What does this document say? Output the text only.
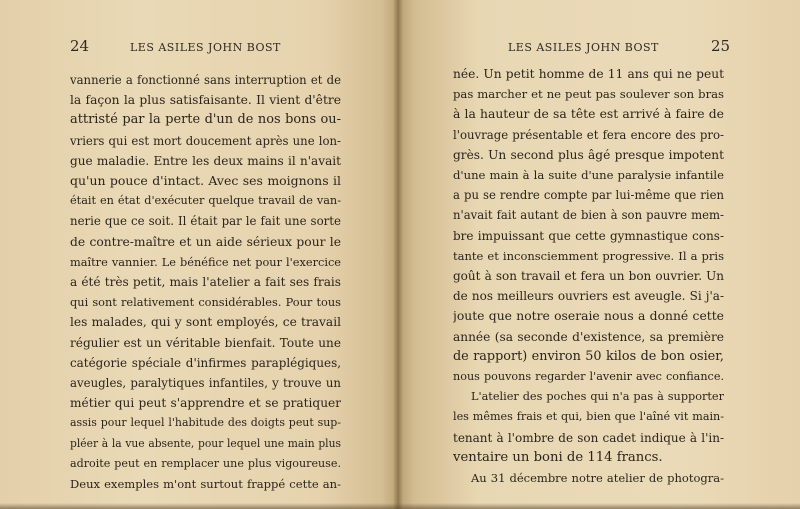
24	LES ASILES JOHN BOST
vannerie a fonctionné sans interruption et de
la façon la plus satisfaisante. Il vient d'être
attristé par la perte d'un de nos bons ou-
vriers qui est mort doucement après une lon-
gue maladie. Entre les deux mains il n'avait
qu'un pouce d'intact. Avec ses moignons il
était en état d'exécuter quelque travail de van-
nerie que ce soit. Il était par le fait une sorte
de contre-maître et un aide sérieux pour le
maître vannier. Le bénéfice net pour l'exercice
a été très petit, mais l'atelier a fait ses frais
qui sont relativement considérables. Pour tous
les malades, qui y sont employés, ce travail
régulier est un véritable bienfait. Toute une
catégorie spéciale d'infirmes paraplégiques,
aveugles, paralytiques infantiles, y trouve un
métier qui peut s'apprendre et se pratiquer
assis pour lequel l'habitude des doigts peut sup-
pléer à la vue absente, pour lequel une main plus
adroite peut en remplacer une plus vigoureuse.
Deux exemples m'ont surtout frappé cette an-
LES ASILES JOHN BOST	25
née. Un petit homme de 11 ans qui ne peut
pas marcher et ne peut pas soulever son bras
à la hauteur de sa tête est arrivé à faire de
l'ouvrage présentable et fera encore des pro-
grès. Un second plus âgé presque impotent
d'une main à la suite d'une paralysie infantile
a pu se rendre compte par lui-même que rien
n'avait fait autant de bien à son pauvre mem-
bre impuissant que cette gymnastique cons-
tante et inconsciemment progressive. Il a pris
goût à son travail et fera un bon ouvrier. Un
de nos meilleurs ouvriers est aveugle. Si j'a-
joute que notre oseraie nous a donné cette
année (sa seconde d'existence, sa première
de rapport) environ 50 kilos de bon osier,
nous pouvons regarder l'avenir avec confiance.
L'atelier des poches qui n'a pas à supporter
les mêmes frais et qui, bien que l'aîné vit main-
tenant à l'ombre de son cadet indique à l'in-
ventaire un boni de 114 francs.
Au 31 décembre notre atelier de photogra-
